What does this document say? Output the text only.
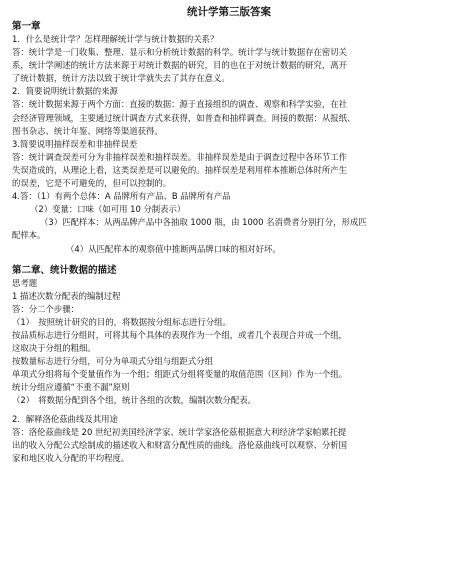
统计学第三版答案
第一章
1．什么是统计学？怎样理解统计学与统计数据的关系？
答：统计学是一门收集、整理、显示和分析统计数据的科学。统计学与统计数据存在密切关
系，统计学阐述的统计方法来源于对统计数据的研究，目的也在于对统计数据的研究，离开
了统计数据，统计方法以致于统计学就失去了其存在意义。
2．简要说明统计数据的来源
答：统计数据来源于两个方面：直接的数据：源于直接组织的调查、观察和科学实验，在社
会经济管理领域，主要通过统计调查方式来获得，如普查和抽样调查。间接的数据：从报纸、
图书杂志、统计年鉴、网络等渠道获得。
3.简要说明抽样误差和非抽样误差
答：统计调查误差可分为非抽样误差和抽样误差。非抽样误差是由于调查过程中各环节工作
失误造成的，从理论上看，这类误差是可以避免的。抽样误差是利用样本推断总体时所产生
的误差，它是不可避免的，但可以控制的。
4.答：（1）有两个总体：A 品牌所有产品、B 品牌所有产品
（2）变量：口味（如可用 10 分制表示）
（3）匹配样本：从两品牌产品中各抽取 1000 瓶，由 1000 名消费者分别打分，形成匹
配样本。
（4）从匹配样本的观察值中推断两品牌口味的相对好坏。
第二章、统计数据的描述
思考题
1 描述次数分配表的编制过程
答：分二个步骤：
（1）　按照统计研究的目的，将数据按分组标志进行分组。
按品质标志进行分组时，可将其每个具体的表现作为一个组，或者几个表现合并成一个组，
这取决于分组的粗细。
按数量标志进行分组，可分为单项式分组与组距式分组
单项式分组将每个变量值作为一个组；组距式分组将变量的取值范围（区间）作为一个组。
统计分组应遵循“不重不漏”原则
（2）　将数据分配到各个组，统计各组的次数，编制次数分配表。
2．解释洛伦茲曲线及其用途
答：洛伦茲曲线是 20 世纪初美国经济学家、统计学家洛伦茲根据意大利经济学家帕累托提
出的收入分配公式绘制成的描述收入和财富分配性质的曲线。洛伦茲曲线可以观察、分析国
家和地区收入分配的平均程度。
